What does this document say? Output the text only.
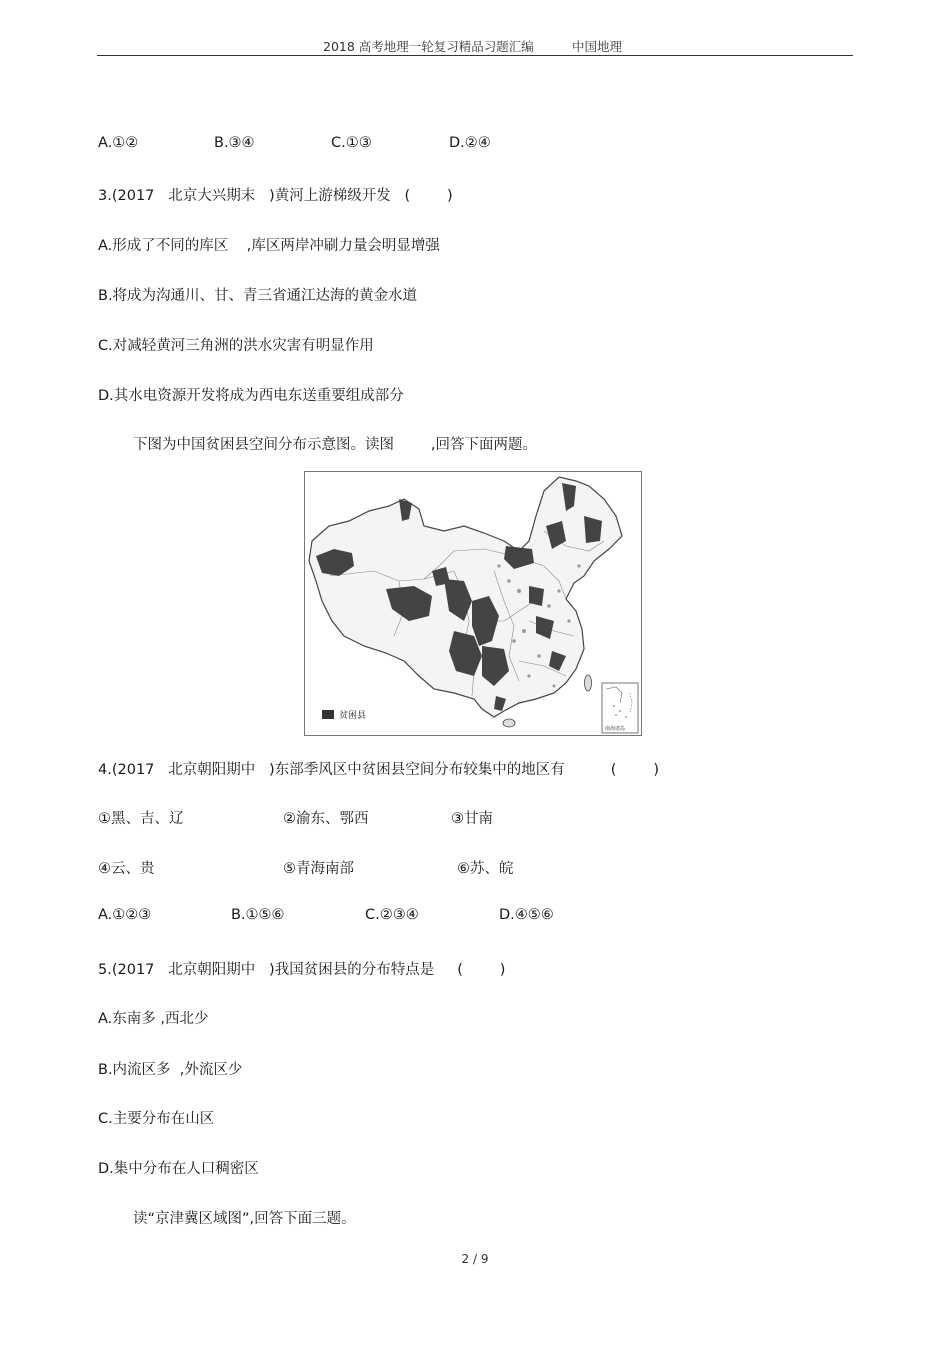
2018 高考地理一轮复习精品习题汇编	中国地理
A.①②	B.③④	C.①③	D.②④
3.(2017   北京大兴期末   )黄河上游梯级开发   (        )
A.形成了不同的库区    ,库区两岸冲刷力量会明显增强
B.将成为沟通川、甘、青三省通江达海的黄金水道
C.对减轻黄河三角洲的洪水灾害有明显作用
D.其水电资源开发将成为西电东送重要组成部分
下图为中国贫困县空间分布示意图。读图        ,回答下面两题。
贫困县
南海诸岛
4.(2017   北京朝阳期中   )东部季风区中贫困县空间分布较集中的地区有          (        )
①黑、吉、辽	②渝东、鄂西	③甘南
④云、贵	⑤青海南部	⑥苏、皖
A.①②③	B.①⑤⑥	C.②③④	D.④⑤⑥
5.(2017   北京朝阳期中   )我国贫困县的分布特点是     (        )
A.东南多 ,西北少
B.内流区多  ,外流区少
C.主要分布在山区
D.集中分布在人口稠密区
读“京津冀区域图”,回答下面三题。
2 / 9
